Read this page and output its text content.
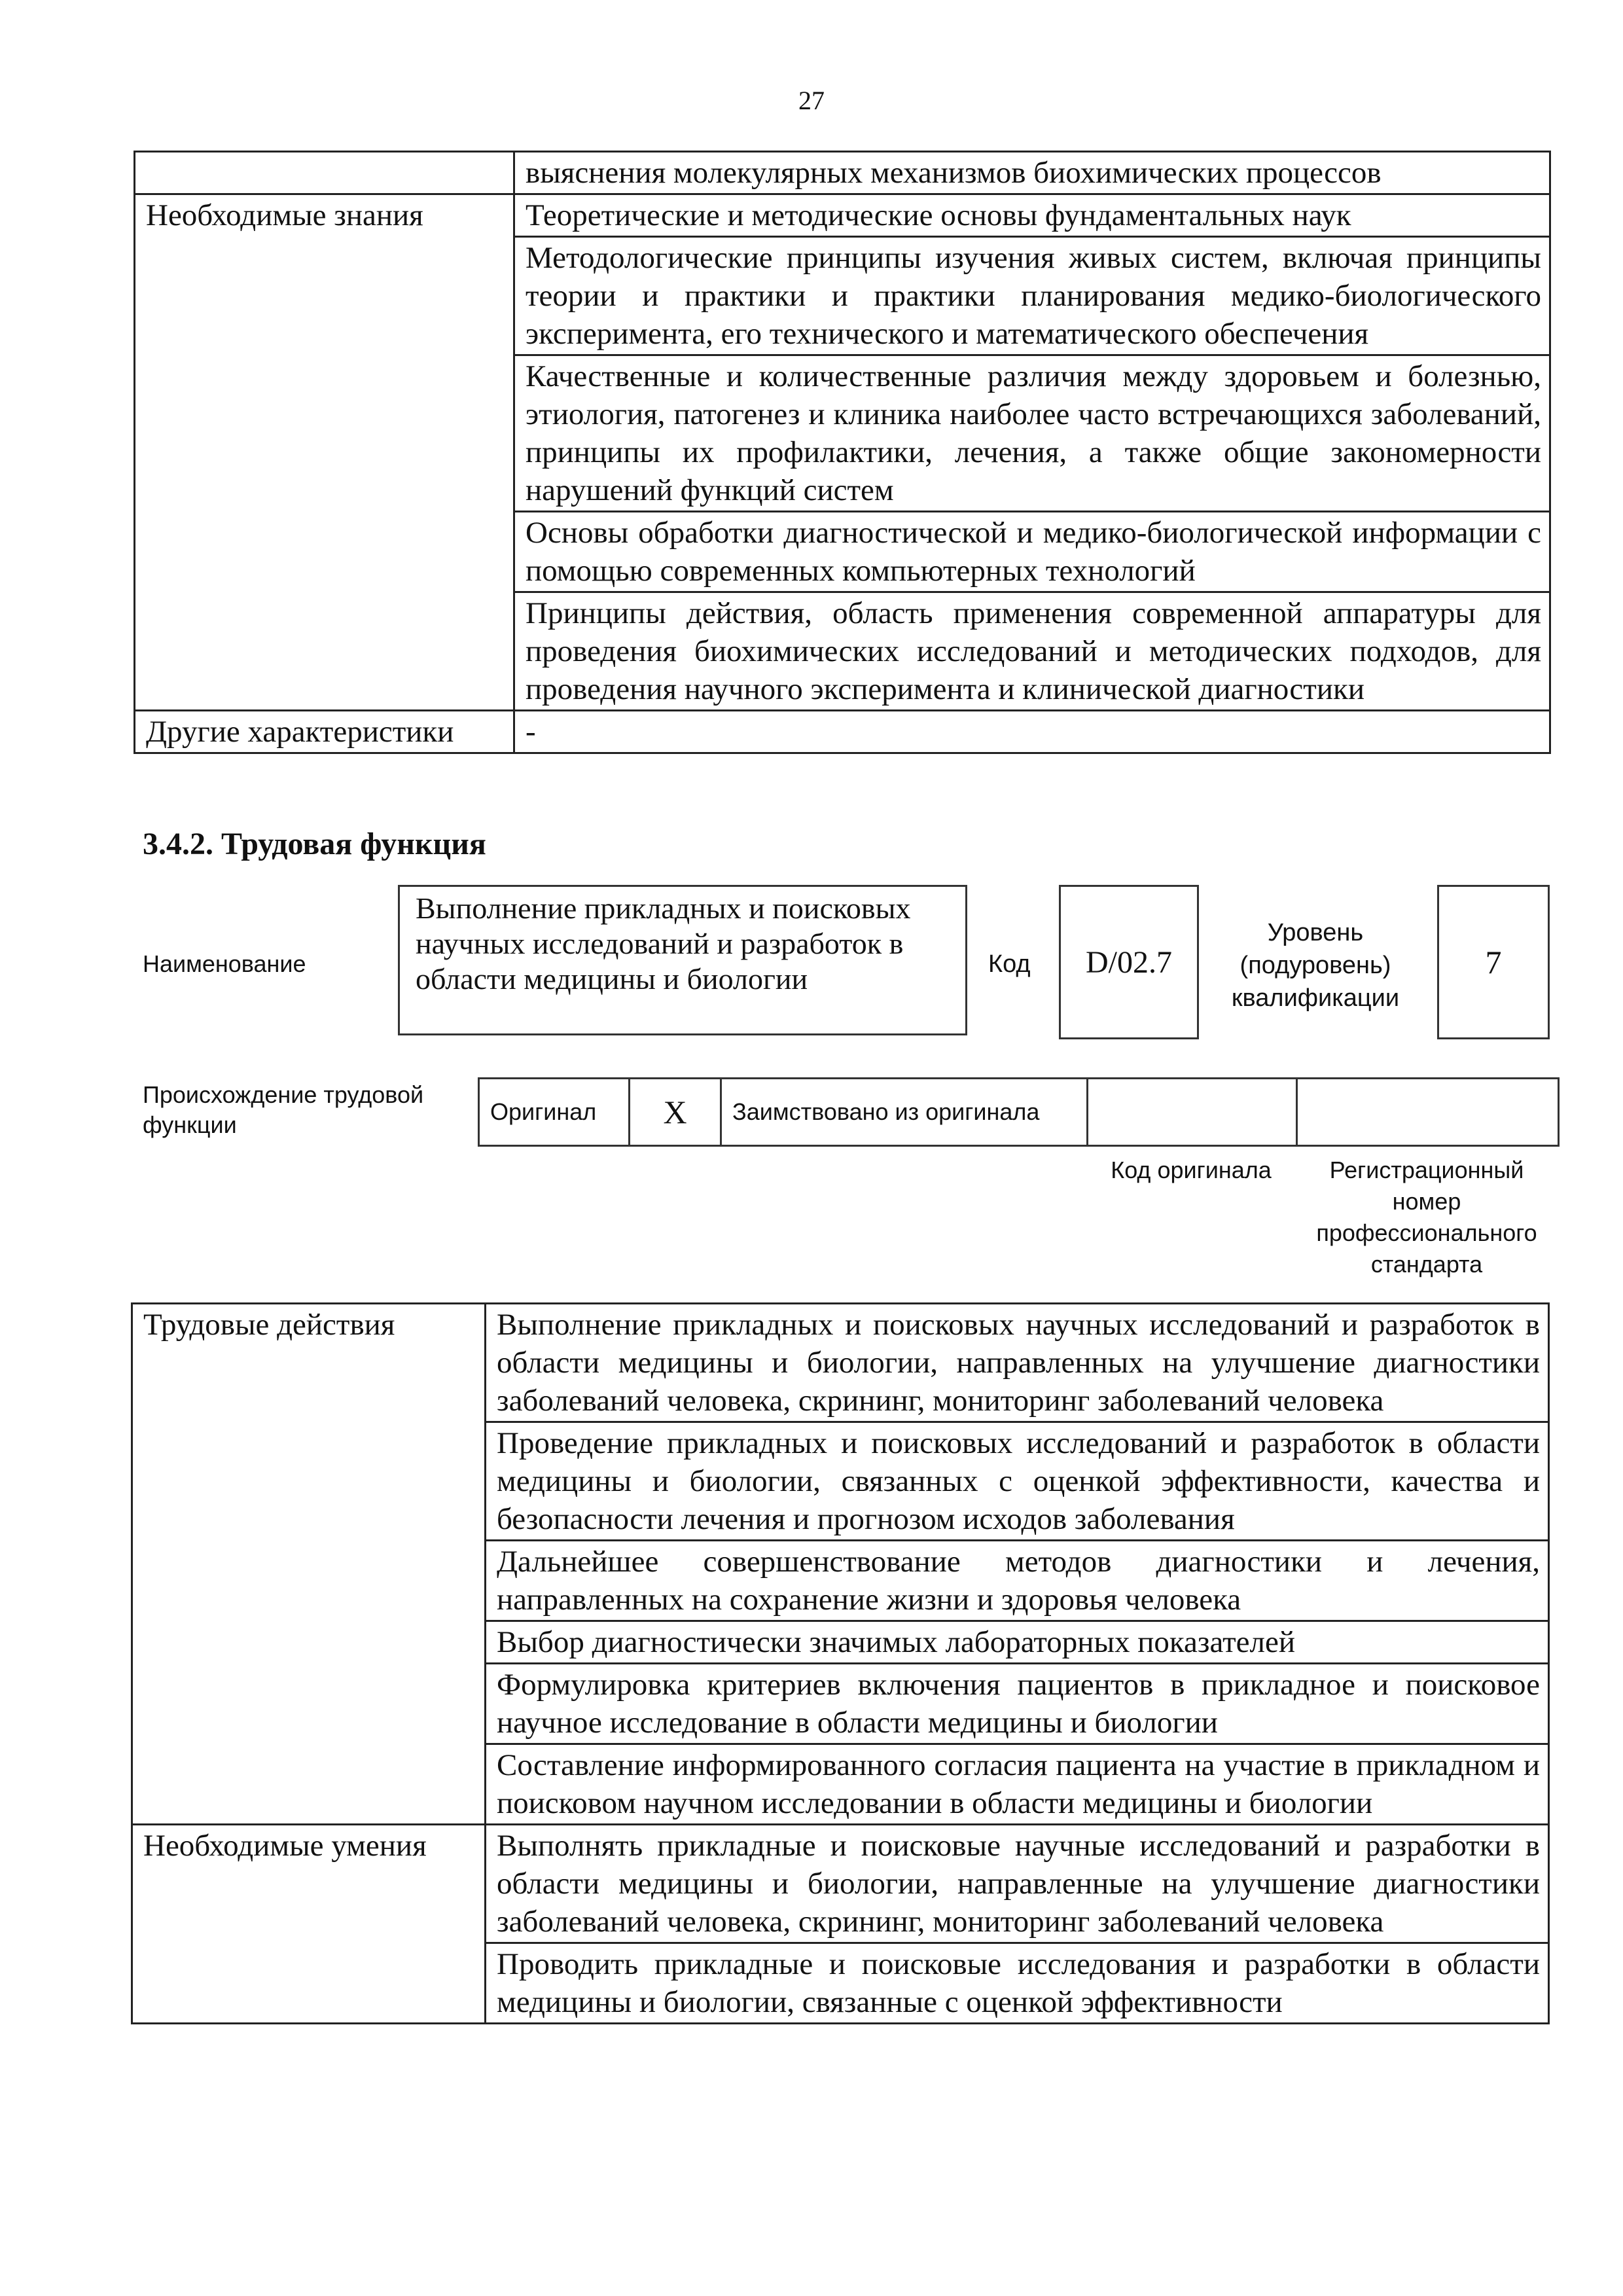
27
	выяснения молекулярных механизмов биохимических процессов
Необходимые знания	Теоретические и методические основы фундаментальных наук
	Методологические принципы изучения живых систем, включая принципы теории и практики и практики планирования медико-биологического эксперимента, его технического и математического обеспечения
	Качественные и количественные различия между здоровьем и болезнью, этиология, патогенез и клиника наиболее часто встречающихся заболеваний, принципы их профилактики, лечения, а также общие закономерности нарушений функций систем
	Основы обработки диагностической и медико-биологической информации с помощью современных компьютерных технологий
	Принципы действия, область применения современной аппаратуры для проведения биохимических исследований и методических подходов, для проведения научного эксперимента и клинической диагностики
Другие характеристики	-
3.4.2. Трудовая функция
Наименование
Выполнение прикладных и поисковых научных исследований и разработок в области медицины и биологии	Код	D/02.7
Уровень (подуровень) квалификации
7
Происхождение трудовой функции	Оригинал	X	Заимствовано из оригинала		
Код оригинала	Регистрационный номер профессионального стандарта
Трудовые действия	Выполнение прикладных и поисковых научных исследований и разработок в области медицины и биологии, направленных на улучшение диагностики заболеваний человека, скрининг, мониторинг заболеваний человека
	Проведение прикладных и поисковых исследований и разработок в области медицины и биологии, связанных с оценкой эффективности, качества и безопасности лечения и прогнозом исходов заболевания
	Дальнейшее совершенствование методов диагностики и лечения, направленных на сохранение жизни и здоровья человека
	Выбор диагностически значимых лабораторных показателей
	Формулировка критериев включения пациентов в прикладное и поисковое научное исследование в области медицины и биологии
	Составление информированного согласия пациента на участие в прикладном и поисковом научном исследовании в области медицины и биологии
Необходимые умения	Выполнять прикладные и поисковые научные исследований и разработки в области медицины и биологии, направленные на улучшение диагностики заболеваний человека, скрининг, мониторинг заболеваний человека
	Проводить прикладные и поисковые исследования и разработки в области медицины и биологии, связанные с оценкой эффективности
